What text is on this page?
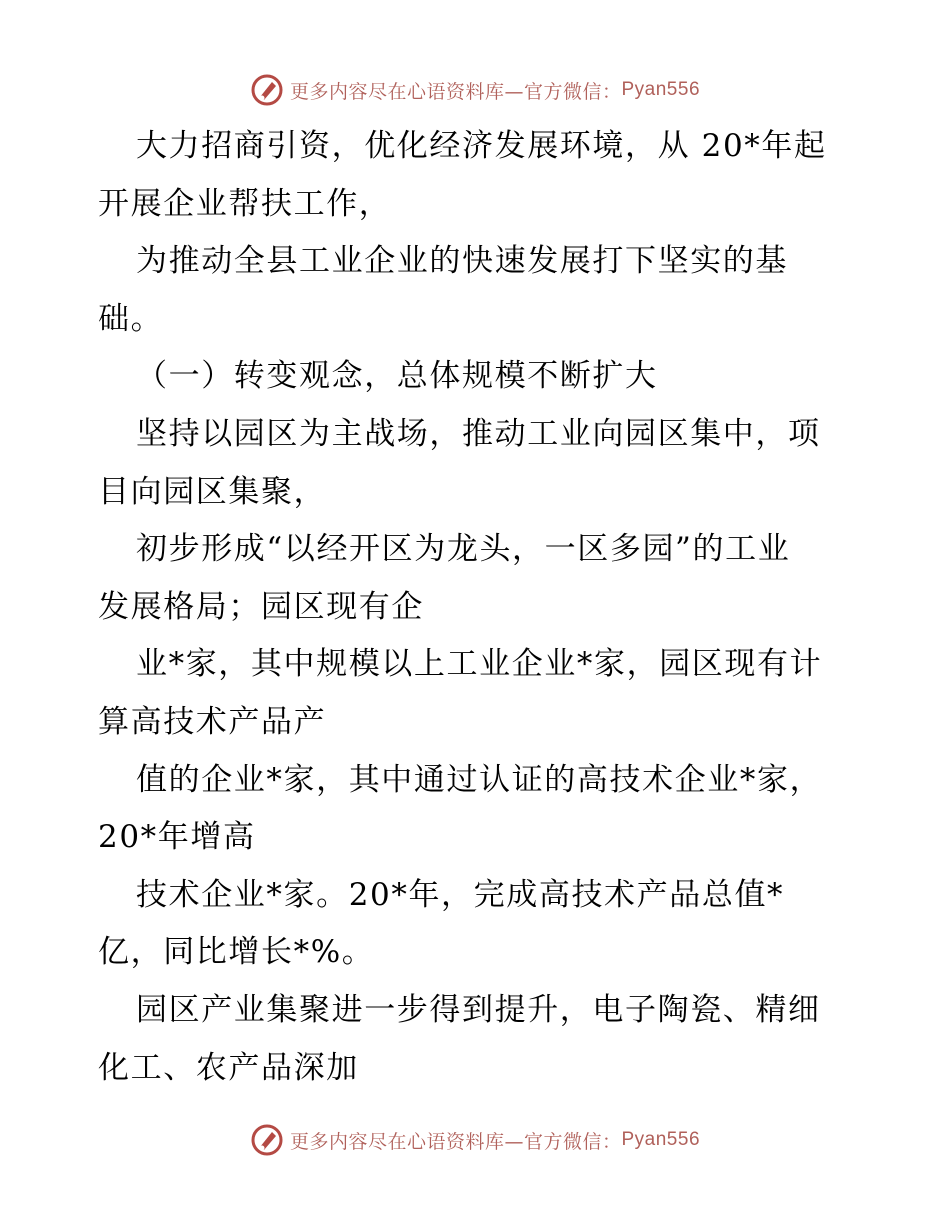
更多内容尽在心语资料库—官方微信： Pyan556
大力招商引资，优化经济发展环境，从 20*年起
开展企业帮扶工作，
为推动全县工业企业的快速发展打下坚实的基
础。
（一）转变观念，总体规模不断扩大
坚持以园区为主战场，推动工业向园区集中，项
目向园区集聚，
初步形成“以经开区为龙头，一区多园”的工业
发展格局；园区现有企
业*家，其中规模以上工业企业*家，园区现有计
算高技术产品产
值的企业*家，其中通过认证的高技术企业*家，
20*年增高
技术企业*家。20*年，完成高技术产品总值*
亿，同比增长*%。
园区产业集聚进一步得到提升，电子陶瓷、精细
化工、农产品深加
更多内容尽在心语资料库—官方微信： Pyan556
